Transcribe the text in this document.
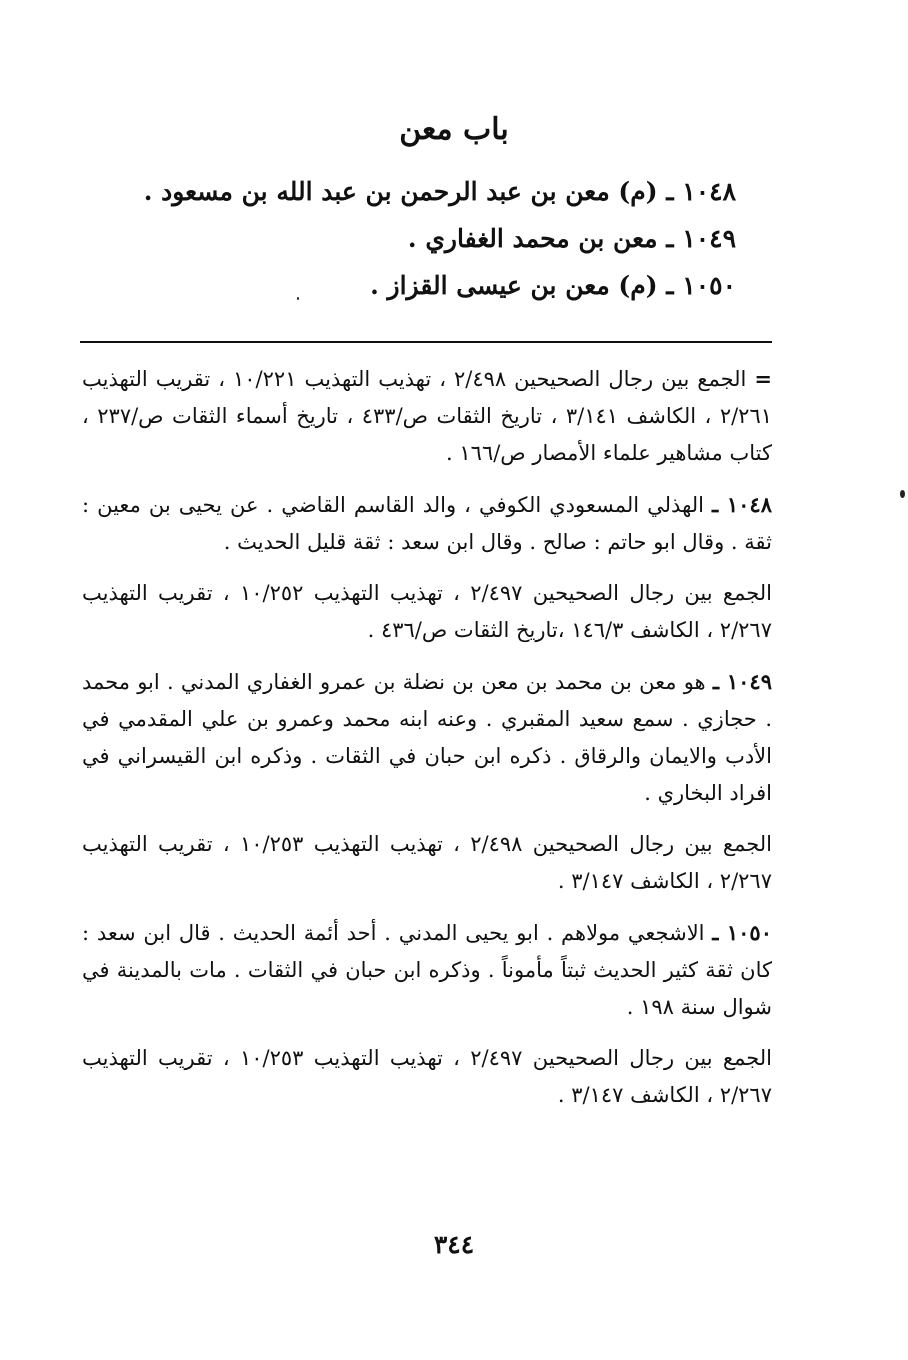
باب معن
١٠٤٨ ـ (م) معن بن عبد الرحمن بن عبد الله بن مسعود .
١٠٤٩ ـ معن بن محمد الغفاري .
١٠٥٠ ـ (م) معن بن عيسى القزاز .
= الجمع بين رجال الصحيحين ٢/٤٩٨ ، تهذيب التهذيب ١٠/٢٢١ ، تقريب التهذيب ٢/٢٦١ ، الكاشف ٣/١٤١ ، تاريخ الثقات ص/٤٣٣ ، تاريخ أسماء الثقات ص/٢٣٧ ، كتاب مشاهير علماء الأمصار ص/١٦٦ .
١٠٤٨ ـ الهذلي المسعودي الكوفي ، والد القاسم القاضي . عن يحيى بن معين : ثقة . وقال ابو حاتم : صالح . وقال ابن سعد : ثقة قليل الحديث .
الجمع بين رجال الصحيحين ٢/٤٩٧ ، تهذيب التهذيب ١٠/٢٥٢ ، تقريب التهذيب ٢/٢٦٧ ، الكاشف ١٤٦/٣ ،تاريخ الثقات ص/٤٣٦ .
١٠٤٩ ـ هو معن بن محمد بن معن بن نضلة بن عمرو الغفاري المدني . ابو محمد . حجازي . سمع سعيد المقبري . وعنه ابنه محمد وعمرو بن علي المقدمي في الأدب والايمان والرقاق . ذكره ابن حبان في الثقات . وذكره ابن القيسراني في افراد البخاري .
الجمع بين رجال الصحيحين ٢/٤٩٨ ، تهذيب التهذيب ١٠/٢٥٣ ، تقريب التهذيب ٢/٢٦٧ ، الكاشف ٣/١٤٧ .
١٠٥٠ ـ الاشجعي مولاهم . ابو يحيى المدني . أحد أئمة الحديث . قال ابن سعد : كان ثقة كثير الحديث ثبتاً مأموناً . وذكره ابن حبان في الثقات . مات بالمدينة في شوال سنة ١٩٨ .
الجمع بين رجال الصحيحين ٢/٤٩٧ ، تهذيب التهذيب ١٠/٢٥٣ ، تقريب التهذيب ٢/٢٦٧ ، الكاشف ٣/١٤٧ .
٣٤٤
